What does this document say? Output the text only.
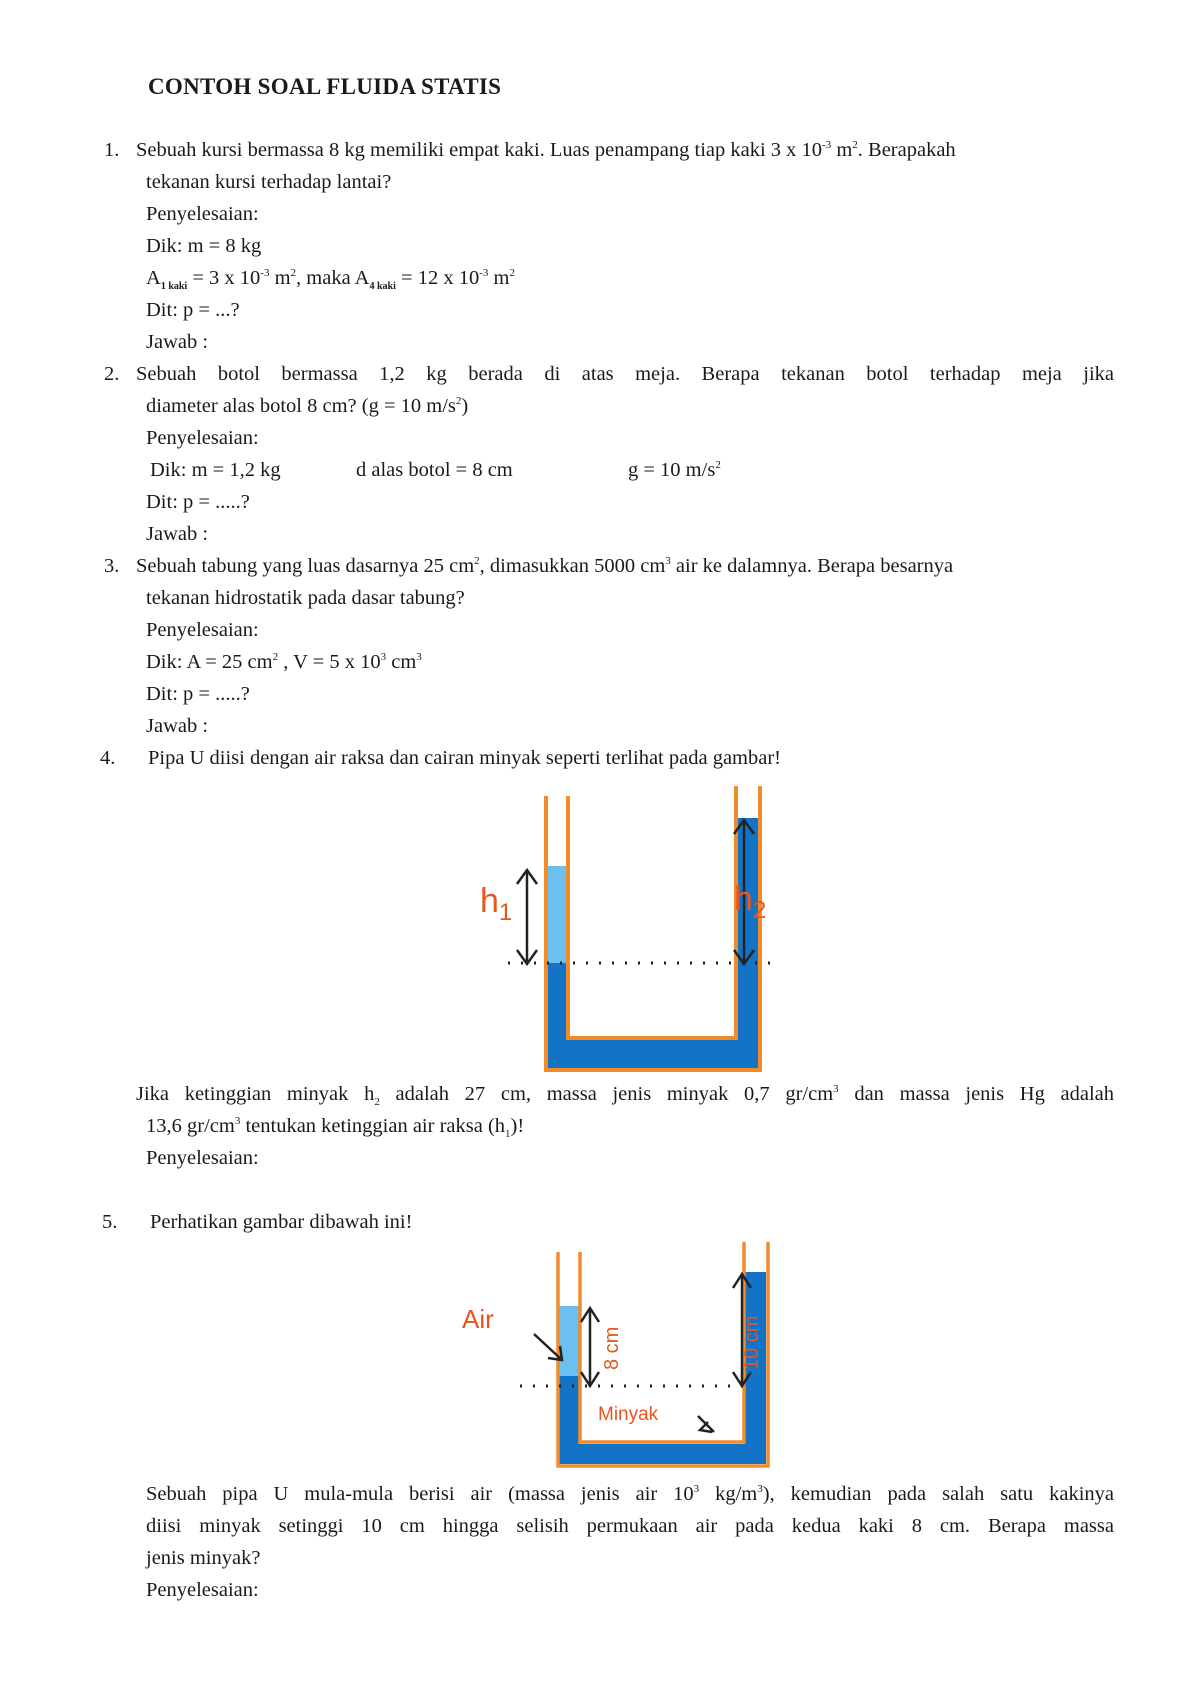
CONTOH SOAL FLUIDA STATIS
1. Sebuah kursi bermassa 8 kg memiliki empat kaki. Luas penampang tiap kaki 3 x $10^{-3}$ $m^2$. Berapakah
tekanan kursi terhadap lantai?
Penyelesaian:
Dik: m = 8 kg
$A_{1 kaki} = 3$ x $10^{-3}$ $m^2$, maka $A_{4 kaki} = 12$ x $10^{-3}$ $m^2$
Dit: p = ...?
Jawab :
2. Sebuah botol bermassa 1,2 kg berada di atas meja. Berapa tekanan botol terhadap meja jika
diameter alas botol 8 cm? (g = 10 $m/s^2$)
Penyelesaian:
Dik: m = 1,2 kg	d alas botol = 8 cm	g = 10 $m/s^2$
Dit: p = .....?
Jawab :
3. Sebuah tabung yang luas dasarnya 25 $cm^2$, dimasukkan 5000 $cm^3$ air ke dalamnya. Berapa besarnya
tekanan hidrostatik pada dasar tabung?
Penyelesaian:
Dik: A = 25 $cm^2$ , V = 5 x $10^3$ $cm^3$
Dit: p = .....?
Jawab :
4. Pipa U diisi dengan air raksa dan cairan minyak seperti terlihat pada gambar!
$h_1$	$h_2$
Jika ketinggian minyak $h_2$ adalah 27 cm, massa jenis minyak 0,7 $gr/cm^3$ dan massa jenis Hg adalah
13,6 $gr/cm^3$ tentukan ketinggian air raksa $(h_1)$!
Penyelesaian:
5. Perhatikan gambar dibawah ini!
Air
8 cm	10 cm
Minyak
Sebuah pipa U mula-mula berisi air (massa jenis air $10^3$ $kg/m^3$), kemudian pada salah satu kakinya
diisi minyak setinggi 10 cm hingga selisih permukaan air pada kedua kaki 8 cm. Berapa massa
jenis minyak?
Penyelesaian:
